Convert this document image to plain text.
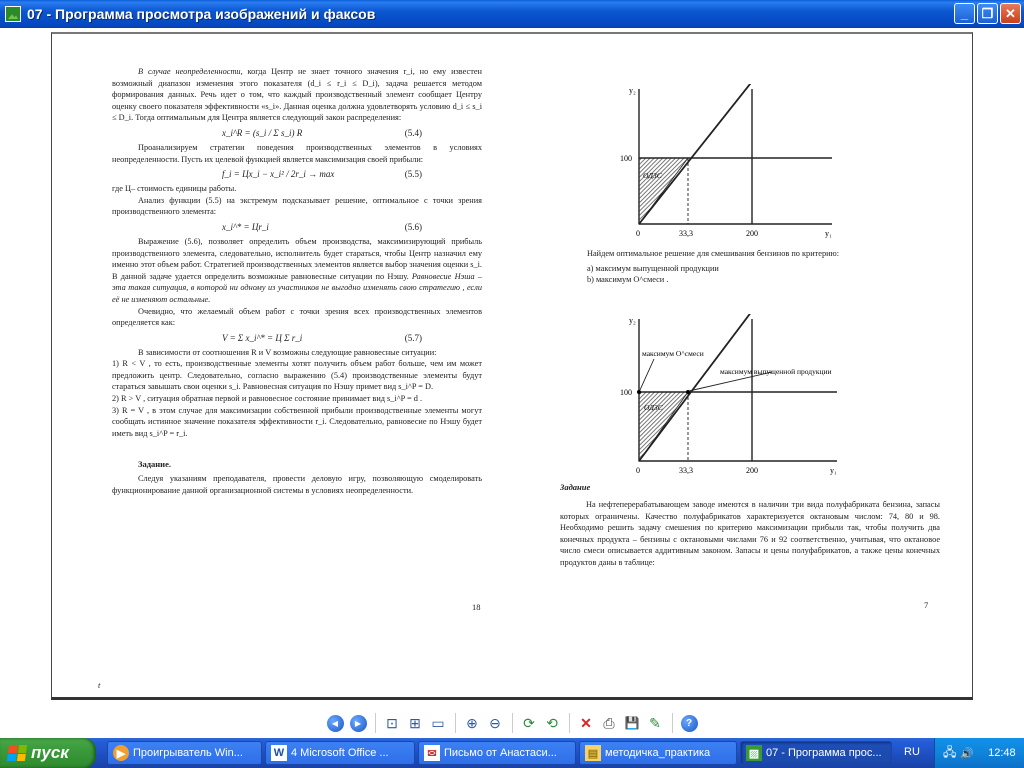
07 - Программа просмотра изображений и факсов	_	❐ ✕

В случае неопределенности, когда Центр не знает точного значения r_i, но ему известен возможный диапазон изменения этого показателя (d_i ≤ r_i ≤ D_i), задача решается методом формирования данных. Речь идет о том, что каждый производственный элемент сообщает Центру оценку своего показателя эффективности «s_i». Данная оценка должна удовлетворять условию d_i ≤ s_i ≤ D_i. Тогда оптимальным для Центра является следующий закон распределения:

x_i^R = (s_i / Σ s_i) R	(5.4)

Проанализируем стратегии поведения производственных элементов в условиях неопределенности. Пусть их целевой функцией является максимизация своей прибыли:

f_i = Цx_i − x_i² / 2r_i → max	(5.5)

где Ц– стоимость единицы работы.

Анализ функции (5.5) на экстремум подсказывает решение, оптимальное с точки зрения производственного элемента:

x_i^* = Цr_i	(5.6)

Выражение (5.6), позволяет определить объем производства, максимизирующий прибыль производственного элемента, следовательно, исполнитель будет стараться, чтобы Центр назначил ему именно этот объем работ. Стратегией производственных элементов является выбор значения оценки s_i. В данной задаче удается определить возможные равновесные ситуации по Нэшу. Равновесие Нэша – эта такая ситуация, в которой ни одному из участников не выгодно изменять свою стратегию , если её не изменяют остальные.

Очевидно, что желаемый объем работ с точки зрения всех производственных элементов определяется как:

V = Σ x_i^* = Ц Σ r_i	(5.7)

В зависимости от соотношения R и V возможны следующие равновесные ситуации:

1) R < V , то есть, производственные элементы хотят получить объем работ больше, чем им может предложить центр. Следовательно, согласно выражению (5.4) производственные элементы будут стараться завышать свои оценки s_i. Равновесная ситуация по Нэшу примет вид s_i^P = D.

2) R > V , ситуация обратная первой и равновесное состояние принимает вид s_i^P = d .

3) R = V , в этом случае для максимизации собственной прибыли производственные элементы могут сообщать истинное значение показателя эффективности r_i. Следовательно, равновесие по Нэшу будет иметь вид s_i^P = r_i.

Задание.

Следуя указаниям преподавателя, провести деловую игру, позволяющую смоделировать функционирование данной организационной системы в условиях неопределенности.

18
t
y₂
y₁
0
100
33,3	200
ОДЗС

Найдем оптимальное решение для смешивания бензинов по критерию:

a) максимум выпущенной продукции

b) максимум O^смеси .

максимум O^смеси
максимум выпущенной продукции
y₂
y₁
0
100
33,3	200
ОДЗС
Задание

На нефтеперерабатывающем заводе имеются в наличии три вида полуфабриката бензина, запасы которых ограничены. Качество полуфабрикатов характеризуется октановым числом: 74, 80 и 98. Необходимо решить задачу смешения по критерию максимизации прибыли так, чтобы получить два конечных продукта – бензины с октановыми числами 76 и 92 соответственно, учитывая, что октановое число смеси описывается аддитивным законом. Запасы и цены полуфабрикатов, а также цены конечных продуктов даны в таблице:

7
◀	▶	⊡ ⊞ ▭	⊕ ⊖	⟳ ⟲	✕ ⎙ 💾 ✎	?
пуск	▶ Проигрыватель Win...	W 4 Microsoft Office ...	✉ Письмо от Анастаси...	▤ методичка_практика	▨ 07 - Программа прос... RU 🖧 🔊 12:48
